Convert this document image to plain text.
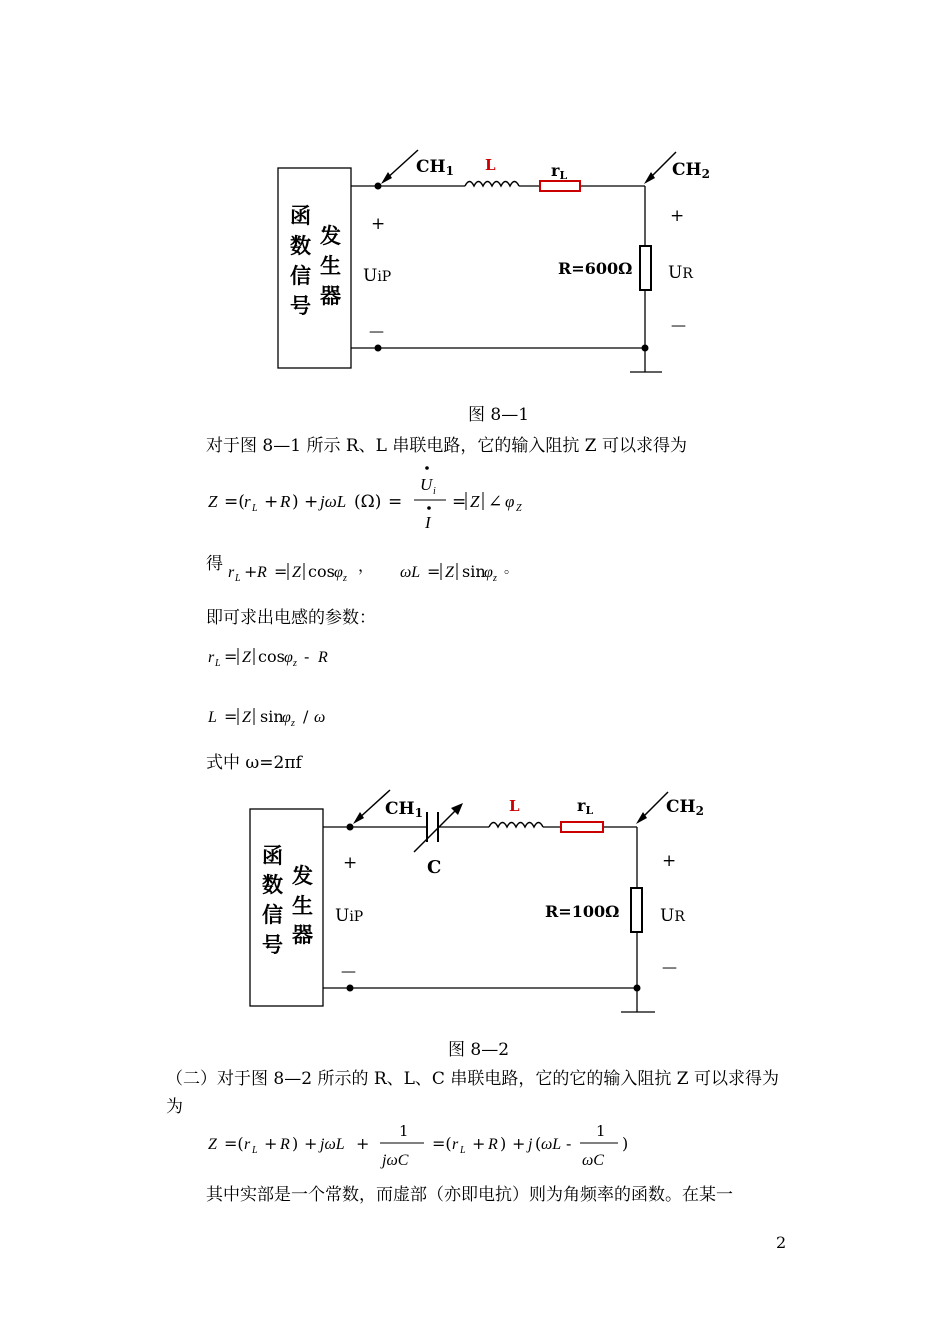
函 数 信 号 发 生 器
L	rL
R=600Ω
CH1	CH2
+
—
UiP
+
—
UR
图 8—1
对于图 8—1 所示 R、L 串联电路，它的输入阻抗 Z 可以求得为
Z =( r L + R ) + jωL (Ω) =
U i
I
= Z ∠ φ Z
得 r L + R = Z cos φ z
， ωL = Z sin
φ z
。
即可求出电感的参数：
r L = Z cos φ z - R
L = Z sin
φ z / ω
式中 ω=2πf
函 数 信 号 发 生 器
C
L	rL
R=100Ω
CH1	CH2
+
—
UiP
+
—
UR
图 8—2
（二）对于图 8—2 所示的 R、L、C 串联电路，它的它的输入阻抗 Z 可以求得为
为
Z =( r L + R ) + jωL +
1
jωC
=( r L + R ) + j ( ωL -
1
ωC
)
其中实部是一个常数，而虚部（亦即电抗）则为角频率的函数。在某一
2
